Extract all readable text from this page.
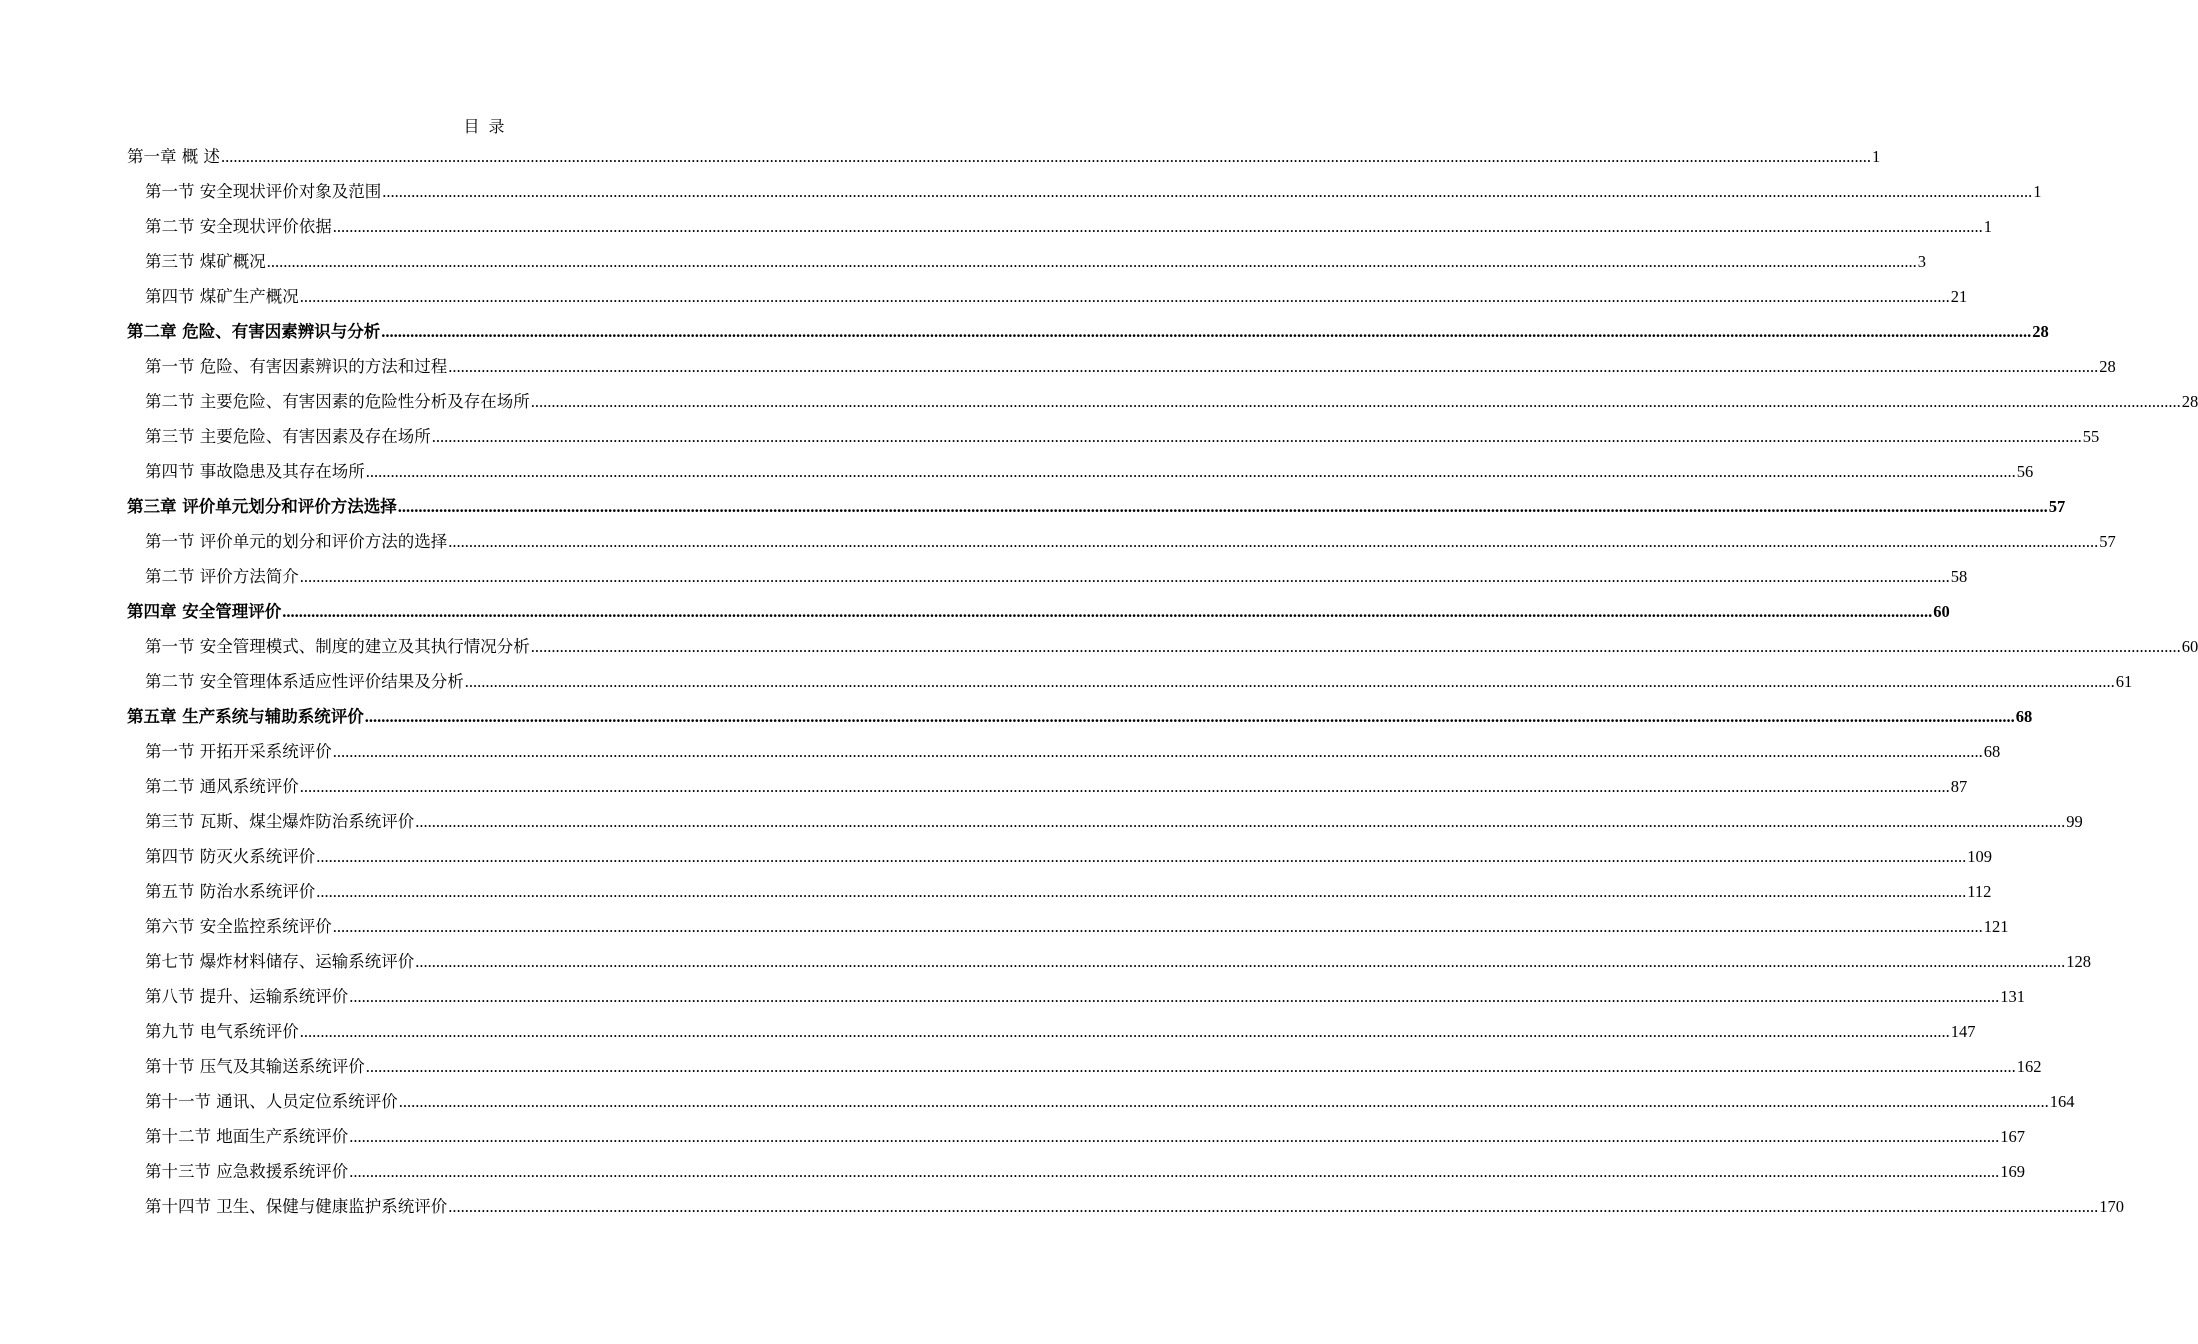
目 录
第一章 概 述 ................................................................................................................................................................................................................................................................................................................................................................................................................ 1
第一节 安全现状评价对象及范围 ................................................................................................................................................................................................................................................................................................................................................................................................................ 1
第二节 安全现状评价依据 ................................................................................................................................................................................................................................................................................................................................................................................................................ 1
第三节 煤矿概况 ................................................................................................................................................................................................................................................................................................................................................................................................................ 3
第四节 煤矿生产概况 ................................................................................................................................................................................................................................................................................................................................................................................................................ 21
第二章 危险、有害因素辨识与分析 ................................................................................................................................................................................................................................................................................................................................................................................................................ 28
第一节 危险、有害因素辨识的方法和过程 ................................................................................................................................................................................................................................................................................................................................................................................................................ 28
第二节 主要危险、有害因素的危险性分析及存在场所 ................................................................................................................................................................................................................................................................................................................................................................................................................ 28
第三节 主要危险、有害因素及存在场所 ................................................................................................................................................................................................................................................................................................................................................................................................................ 55
第四节 事故隐患及其存在场所 ................................................................................................................................................................................................................................................................................................................................................................................................................ 56
第三章 评价单元划分和评价方法选择 ................................................................................................................................................................................................................................................................................................................................................................................................................ 57
第一节 评价单元的划分和评价方法的选择 ................................................................................................................................................................................................................................................................................................................................................................................................................ 57
第二节 评价方法简介 ................................................................................................................................................................................................................................................................................................................................................................................................................ 58
第四章 安全管理评价 ................................................................................................................................................................................................................................................................................................................................................................................................................ 60
第一节 安全管理模式、制度的建立及其执行情况分析 ................................................................................................................................................................................................................................................................................................................................................................................................................ 60
第二节 安全管理体系适应性评价结果及分析 ................................................................................................................................................................................................................................................................................................................................................................................................................ 61
第五章 生产系统与辅助系统评价 ................................................................................................................................................................................................................................................................................................................................................................................................................ 68
第一节 开拓开采系统评价 ................................................................................................................................................................................................................................................................................................................................................................................................................ 68
第二节 通风系统评价 ................................................................................................................................................................................................................................................................................................................................................................................................................ 87
第三节 瓦斯、煤尘爆炸防治系统评价 ................................................................................................................................................................................................................................................................................................................................................................................................................ 99
第四节 防灭火系统评价 ................................................................................................................................................................................................................................................................................................................................................................................................................ 109
第五节 防治水系统评价 ................................................................................................................................................................................................................................................................................................................................................................................................................ 112
第六节 安全监控系统评价 ................................................................................................................................................................................................................................................................................................................................................................................................................ 121
第七节 爆炸材料储存、运输系统评价 ................................................................................................................................................................................................................................................................................................................................................................................................................ 128
第八节 提升、运输系统评价 ................................................................................................................................................................................................................................................................................................................................................................................................................ 131
第九节 电气系统评价 ................................................................................................................................................................................................................................................................................................................................................................................................................ 147
第十节 压气及其输送系统评价 ................................................................................................................................................................................................................................................................................................................................................................................................................ 162
第十一节 通讯、人员定位系统评价 ................................................................................................................................................................................................................................................................................................................................................................................................................ 164
第十二节 地面生产系统评价 ................................................................................................................................................................................................................................................................................................................................................................................................................ 167
第十三节 应急救援系统评价 ................................................................................................................................................................................................................................................................................................................................................................................................................ 169
第十四节 卫生、保健与健康监护系统评价 ................................................................................................................................................................................................................................................................................................................................................................................................................ 170
